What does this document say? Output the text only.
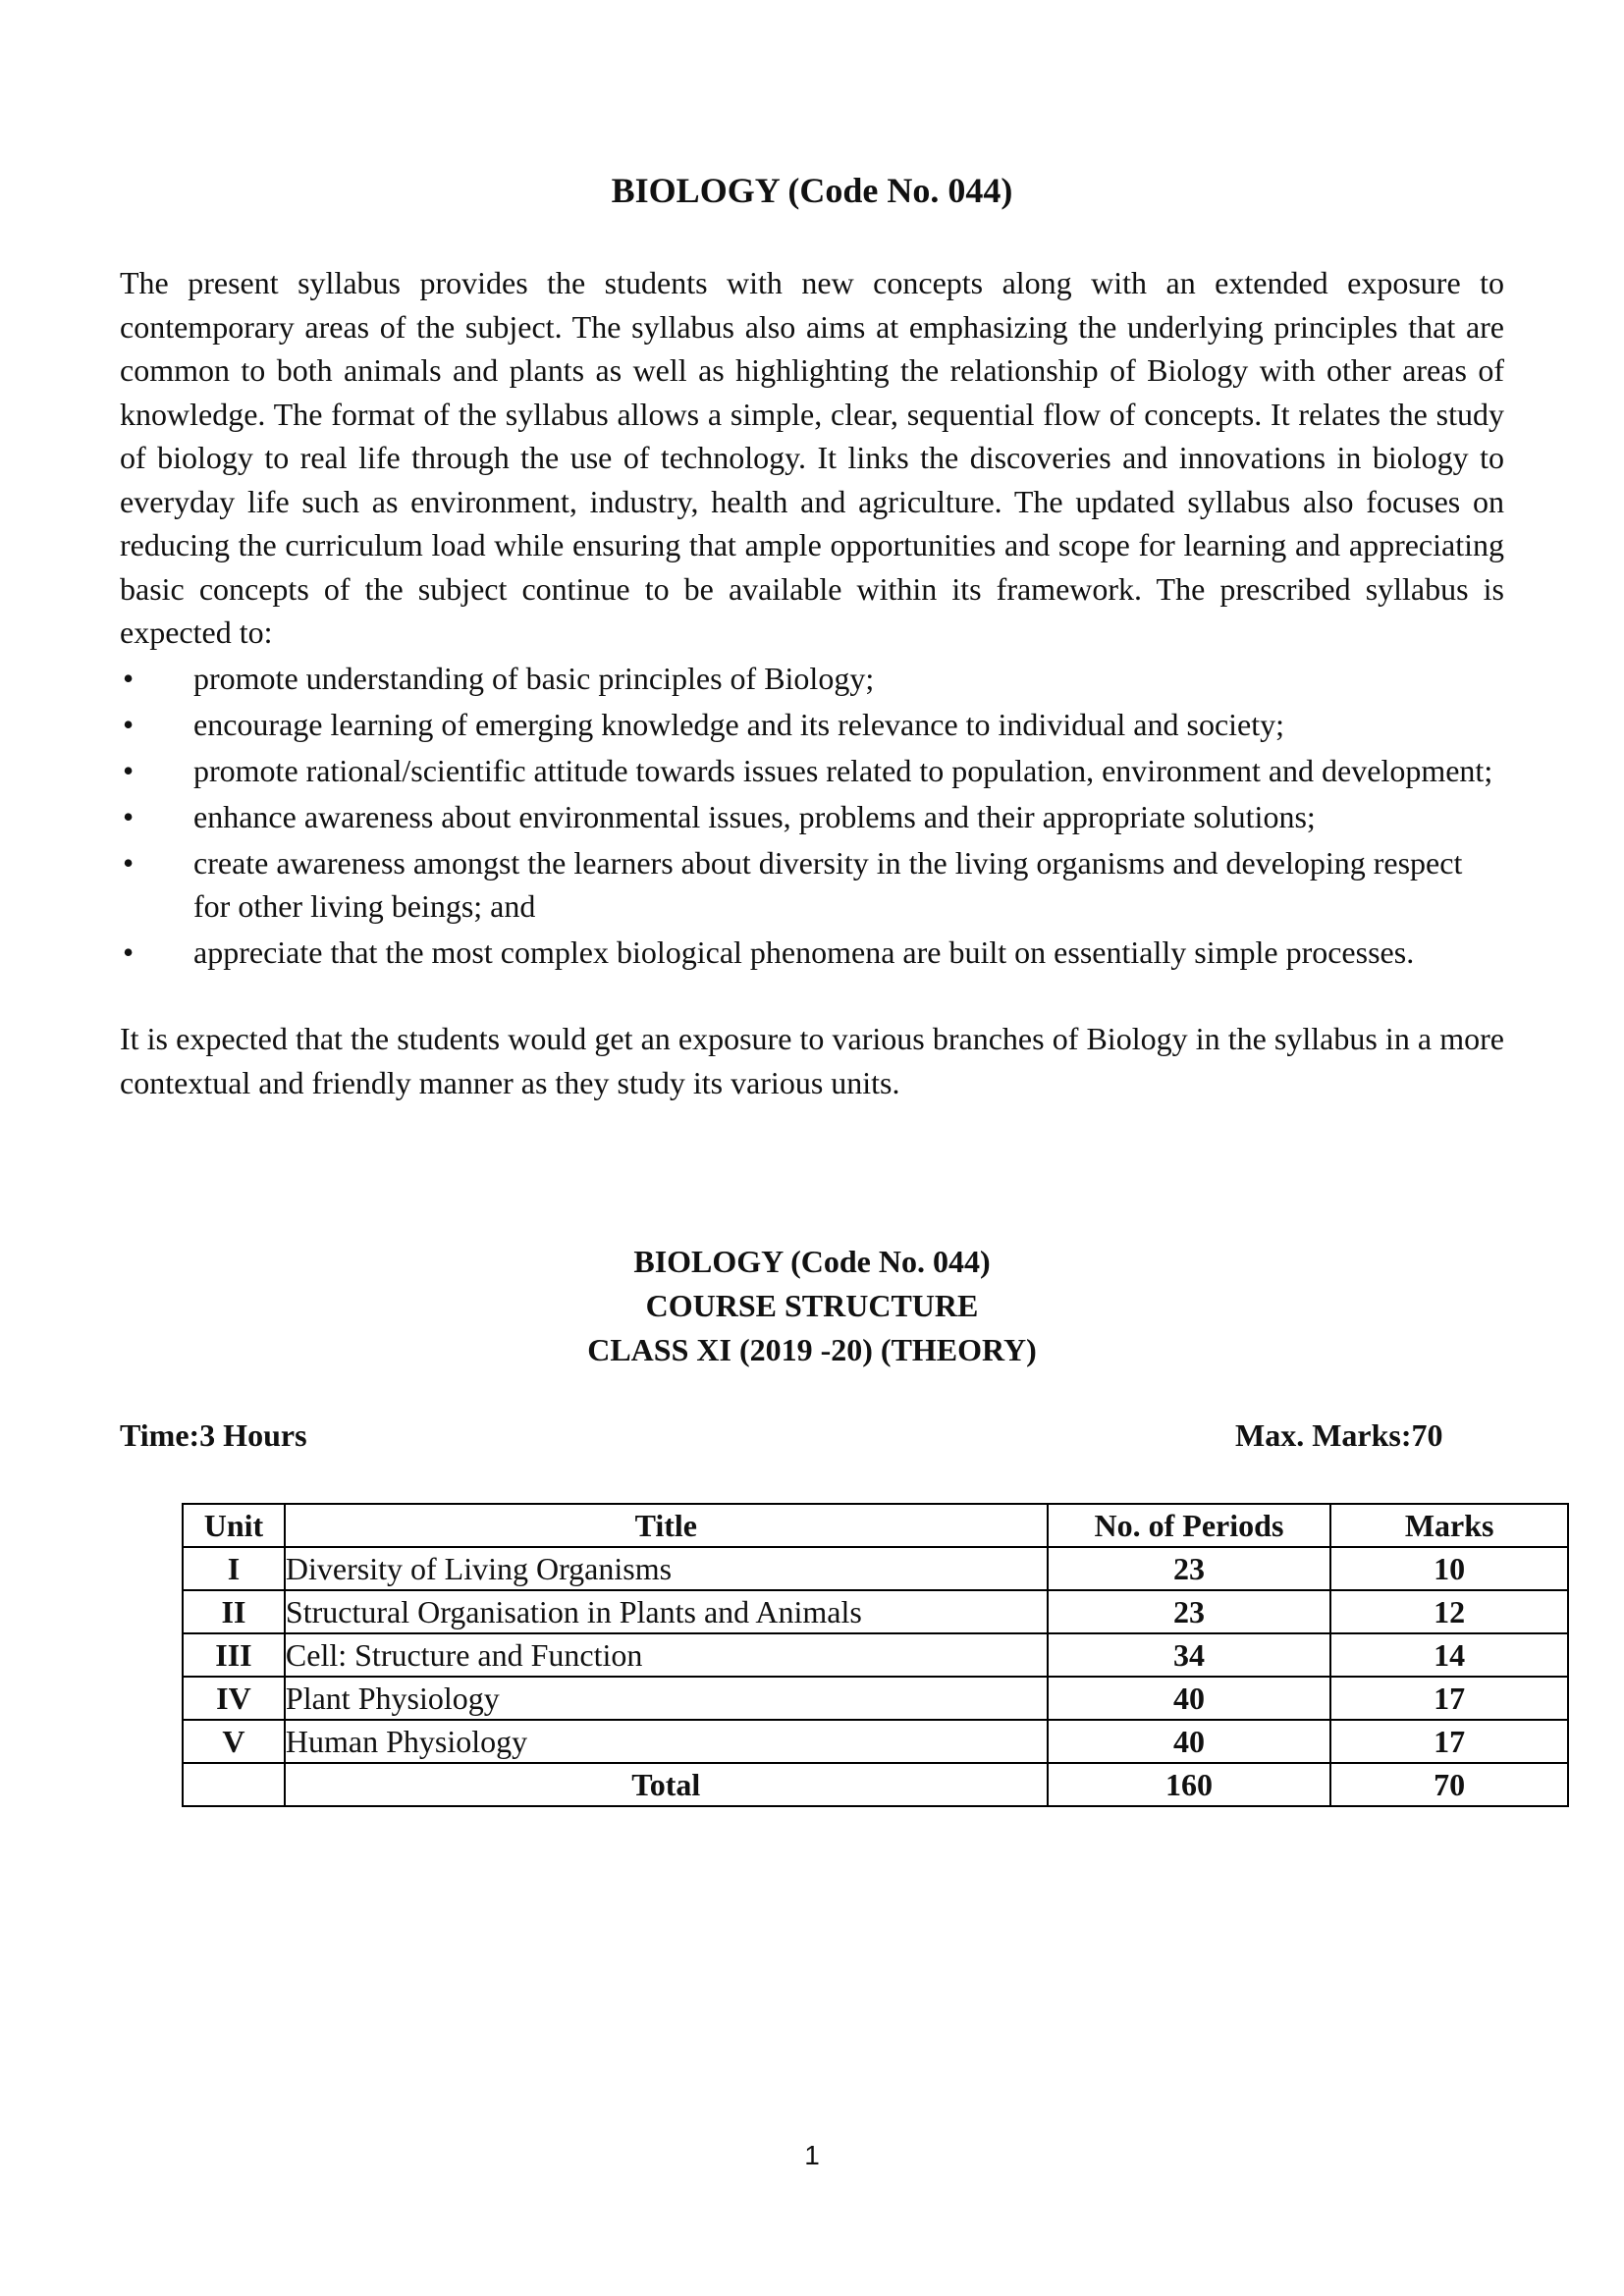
BIOLOGY (Code No. 044)

The present syllabus provides the students with new concepts along with an extended exposure to contemporary areas of the subject. The syllabus also aims at emphasizing the underlying principles that are common to both animals and plants as well as highlighting the relationship of Biology with other areas of knowledge. The format of the syllabus allows a simple, clear, sequential flow of concepts. It relates the study of biology to real life through the use of technology. It links the discoveries and innovations in biology to everyday life such as environment, industry, health and agriculture. The updated syllabus also focuses on reducing the curriculum load while ensuring that ample opportunities and scope for learning and appreciating basic concepts of the subject continue to be available within its framework. The prescribed syllabus is expected to:

• promote understanding of basic principles of Biology;
• encourage learning of emerging knowledge and its relevance to individual and society;
• promote rational/scientific attitude towards issues related to population, environment and development;
• enhance awareness about environmental issues, problems and their appropriate solutions;
• create awareness amongst the learners about diversity in the living organisms and developing respect for other living beings; and
• appreciate that the most complex biological phenomena are built on essentially simple processes.

It is expected that the students would get an exposure to various branches of Biology in the syllabus in a more contextual and friendly manner as they study its various units.

BIOLOGY (Code No. 044)
COURSE STRUCTURE
CLASS XI (2019 -20) (THEORY)
Time:3 Hours	Max. Marks:70
Unit	Title	No. of Periods	Marks
I	Diversity of Living Organisms	23	10
II	Structural Organisation in Plants and Animals	23	12
III	Cell: Structure and Function	34	14
IV	Plant Physiology	40	17
V	Human Physiology	40	17
	Total	160	70
1
